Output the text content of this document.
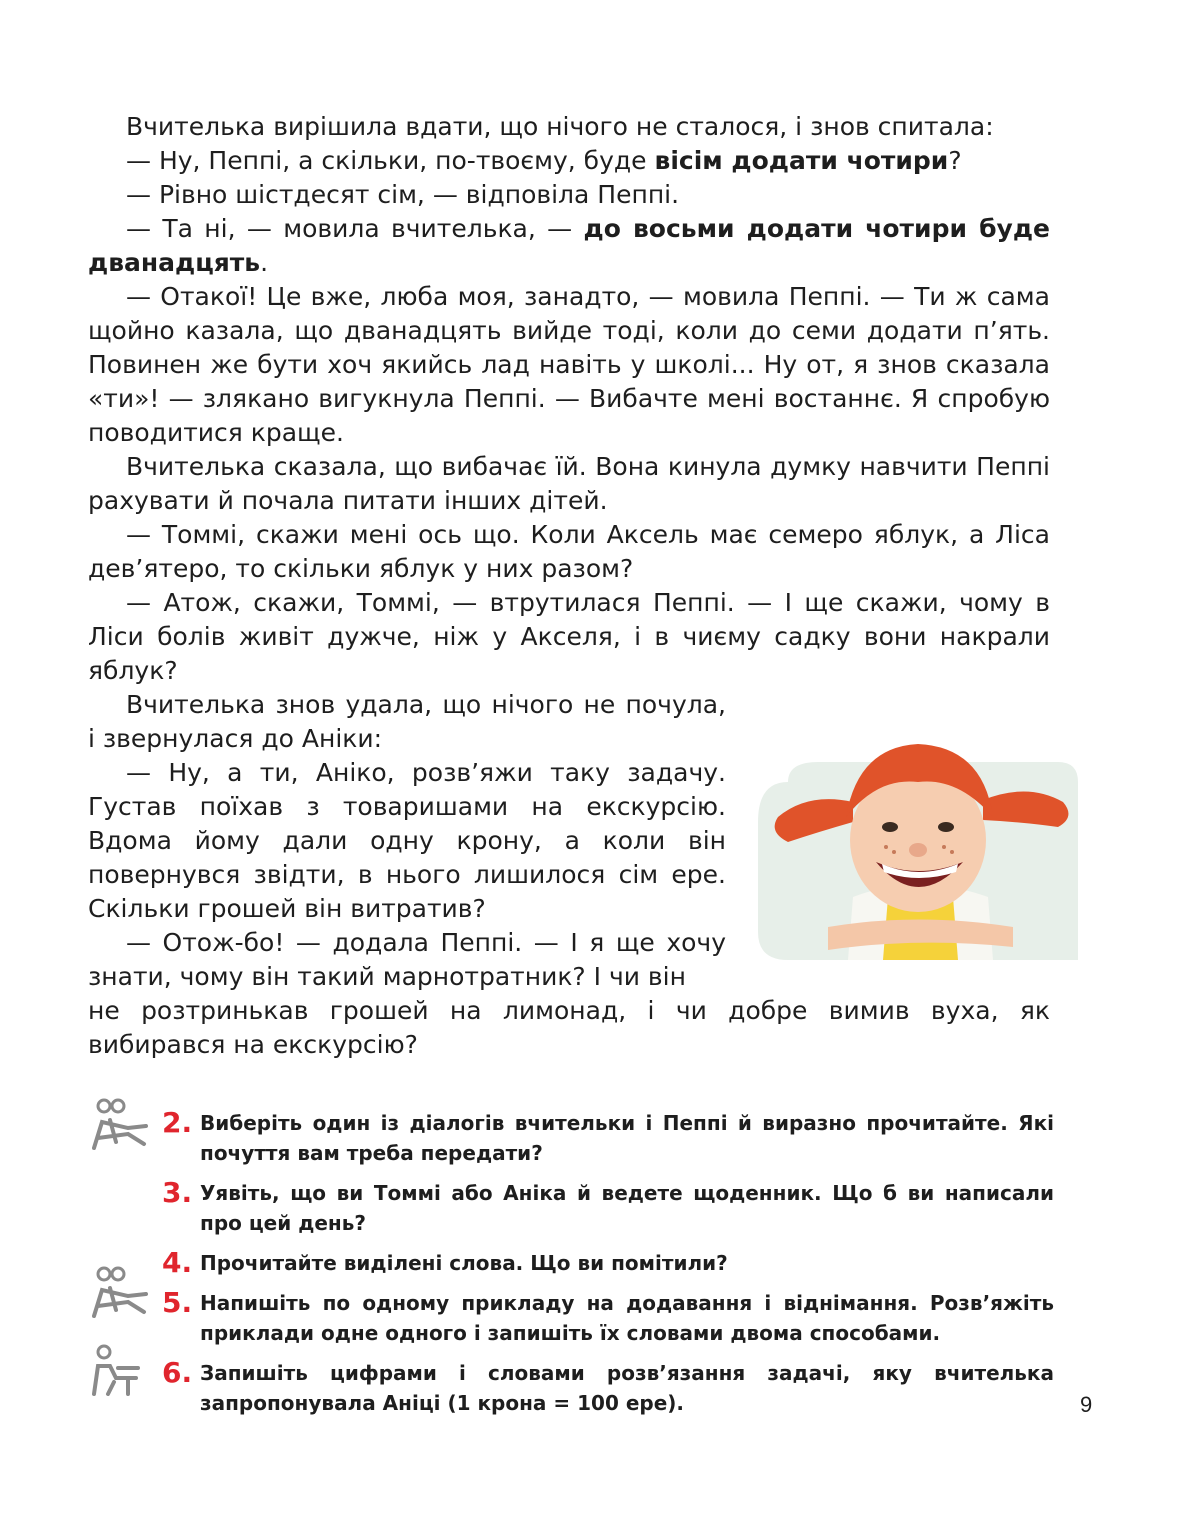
Вчителька вирішила вдати, що нічого не сталося, і знов спитала:

— Ну, Пеппі, а скільки, по-твоєму, буде вісім додати чотири?

— Рівно шістдесят сім, — відповіла Пеппі.

— Та ні, — мовила вчителька, — до восьми додати чотири буде дванадцять.

— Отакої! Це вже, люба моя, занадто, — мовила Пеппі. — Ти ж сама щойно казала, що дванадцять вийде тоді, коли до семи додати п’ять. Повинен же бути хоч якийсь лад навіть у школі... Ну от, я знов сказала «ти»! — злякано вигукнула Пеппі. — Вибачте мені востаннє. Я спробую поводитися краще.

Вчителька сказала, що вибачає їй. Вона кинула думку навчити Пеппі рахувати й почала питати інших дітей.

— Томмі, скажи мені ось що. Коли Аксель має семеро яблук, а Ліса дев’ятеро, то скільки яблук у них разом?

— Атож, скажи, Томмі, — втрутилася Пеппі. — І ще скажи, чому в Ліси болів живіт дужче, ніж у Акселя, і в чиєму садку вони накрали яблук?

Вчителька знов удала, що нічого не почула, і звернулася до Аніки:

— Ну, а ти, Аніко, розв’яжи таку задачу. Густав поїхав з товаришами на екскурсію. Вдома йому дали одну крону, а коли він повернувся звідти, в нього лишилося сім ере. Скільки грошей він витратив?

— Отож-бо! — додала Пеппі. — І я ще хочу знати, чому він такий марнотратник? І чи він

не розтринькав грошей на лимонад, і чи добре вимив вуха, як вибирався на екскурсію?

2. Виберіть один із діалогів вчительки і Пеппі й виразно прочитайте. Які почуття вам треба передати?
3. Уявіть, що ви Томмі або Аніка й ведете щоденник. Що б ви написали про цей день?
4. Прочитайте виділені слова. Що ви помітили?
5. Напишіть по одному прикладу на додавання і віднімання. Розв’яжіть приклади одне одного і запишіть їх словами двома способами.
6. Запишіть цифрами і словами розв’язання задачі, яку вчителька запропонувала Аніці (1 крона = 100 ере).	9
